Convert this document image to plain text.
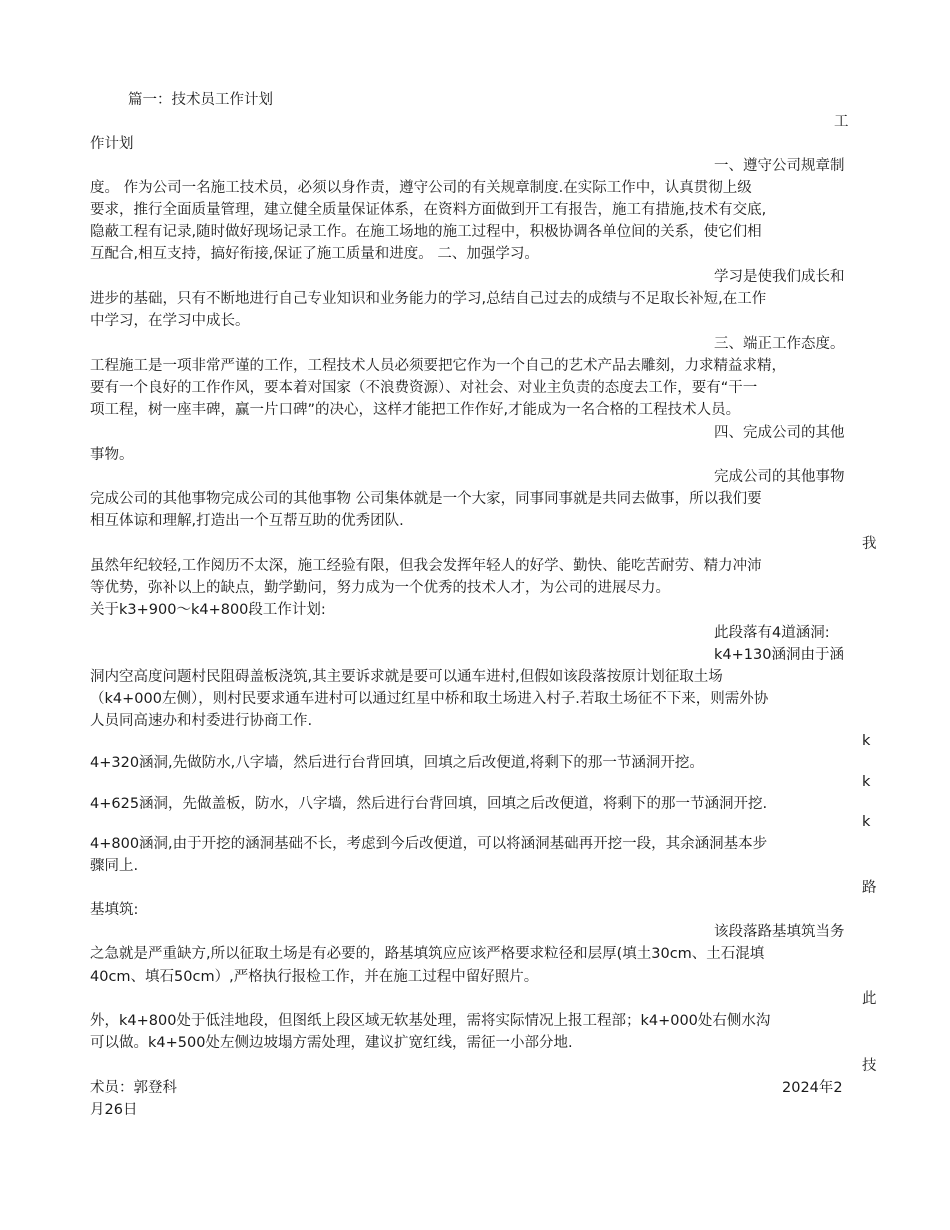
篇一：技术员工作计划
工
作计划
一、遵守公司规章制
度。 作为公司一名施工技术员，必须以身作责，遵守公司的有关规章制度.在实际工作中，认真贯彻上级
要求，推行全面质量管理，建立健全质量保证体系，在资料方面做到开工有报告，施工有措施,技术有交底,
隐蔽工程有记录,随时做好现场记录工作。在施工场地的施工过程中，积极协调各单位间的关系，使它们相
互配合,相互支持，搞好衔接,保证了施工质量和进度。 二、加强学习。
学习是使我们成长和
进步的基础，只有不断地进行自己专业知识和业务能力的学习,总结自己过去的成绩与不足取长补短,在工作
中学习，在学习中成长。
三、端正工作态度。
工程施工是一项非常严谨的工作，工程技术人员必须要把它作为一个自己的艺术产品去雕刻，力求精益求精，
要有一个良好的工作作风，要本着对国家（不浪费资源）、对社会、对业主负责的态度去工作，要有“干一
项工程，树一座丰碑，赢一片口碑”的决心，这样才能把工作作好,才能成为一名合格的工程技术人员。
四、完成公司的其他
事物。
完成公司的其他事物
完成公司的其他事物完成公司的其他事物 公司集体就是一个大家，同事同事就是共同去做事，所以我们要
相互体谅和理解,打造出一个互帮互助的优秀团队.
我
虽然年纪较轻,工作阅历不太深，施工经验有限，但我会发挥年轻人的好学、勤快、能吃苦耐劳、精力冲沛
等优势，弥补以上的缺点，勤学勤问，努力成为一个优秀的技术人才，为公司的进展尽力。
关于k3+900～k4+800段工作计划:
此段落有4道涵洞:
k4+130涵洞由于涵
洞内空高度问题村民阻碍盖板浇筑,其主要诉求就是要可以通车进村,但假如该段落按原计划征取土场
（k4+000左侧），则村民要求通车进村可以通过红星中桥和取土场进入村子.若取土场征不下来，则需外协
人员同高速办和村委进行协商工作.
k
4+320涵洞,先做防水,八字墙，然后进行台背回填，回填之后改便道,将剩下的那一节涵洞开挖。
k
4+625涵洞，先做盖板，防水，八字墙，然后进行台背回填，回填之后改便道，将剩下的那一节涵洞开挖.
k
4+800涵洞,由于开挖的涵洞基础不长，考虑到今后改便道，可以将涵洞基础再开挖一段，其余涵洞基本步
骤同上.
路
基填筑:
该段落路基填筑当务
之急就是严重缺方,所以征取土场是有必要的，路基填筑应应该严格要求粒径和层厚(填土30cm、土石混填
40cm、填石50cm）,严格执行报检工作，并在施工过程中留好照片。
此
外，k4+800处于低洼地段，但图纸上段区域无软基处理，需将实际情况上报工程部；k4+000处右侧水沟
可以做。k4+500处左侧边坡塌方需处理，建议扩宽红线，需征一小部分地.
技
术员：郭登科	2024年2
月26日
